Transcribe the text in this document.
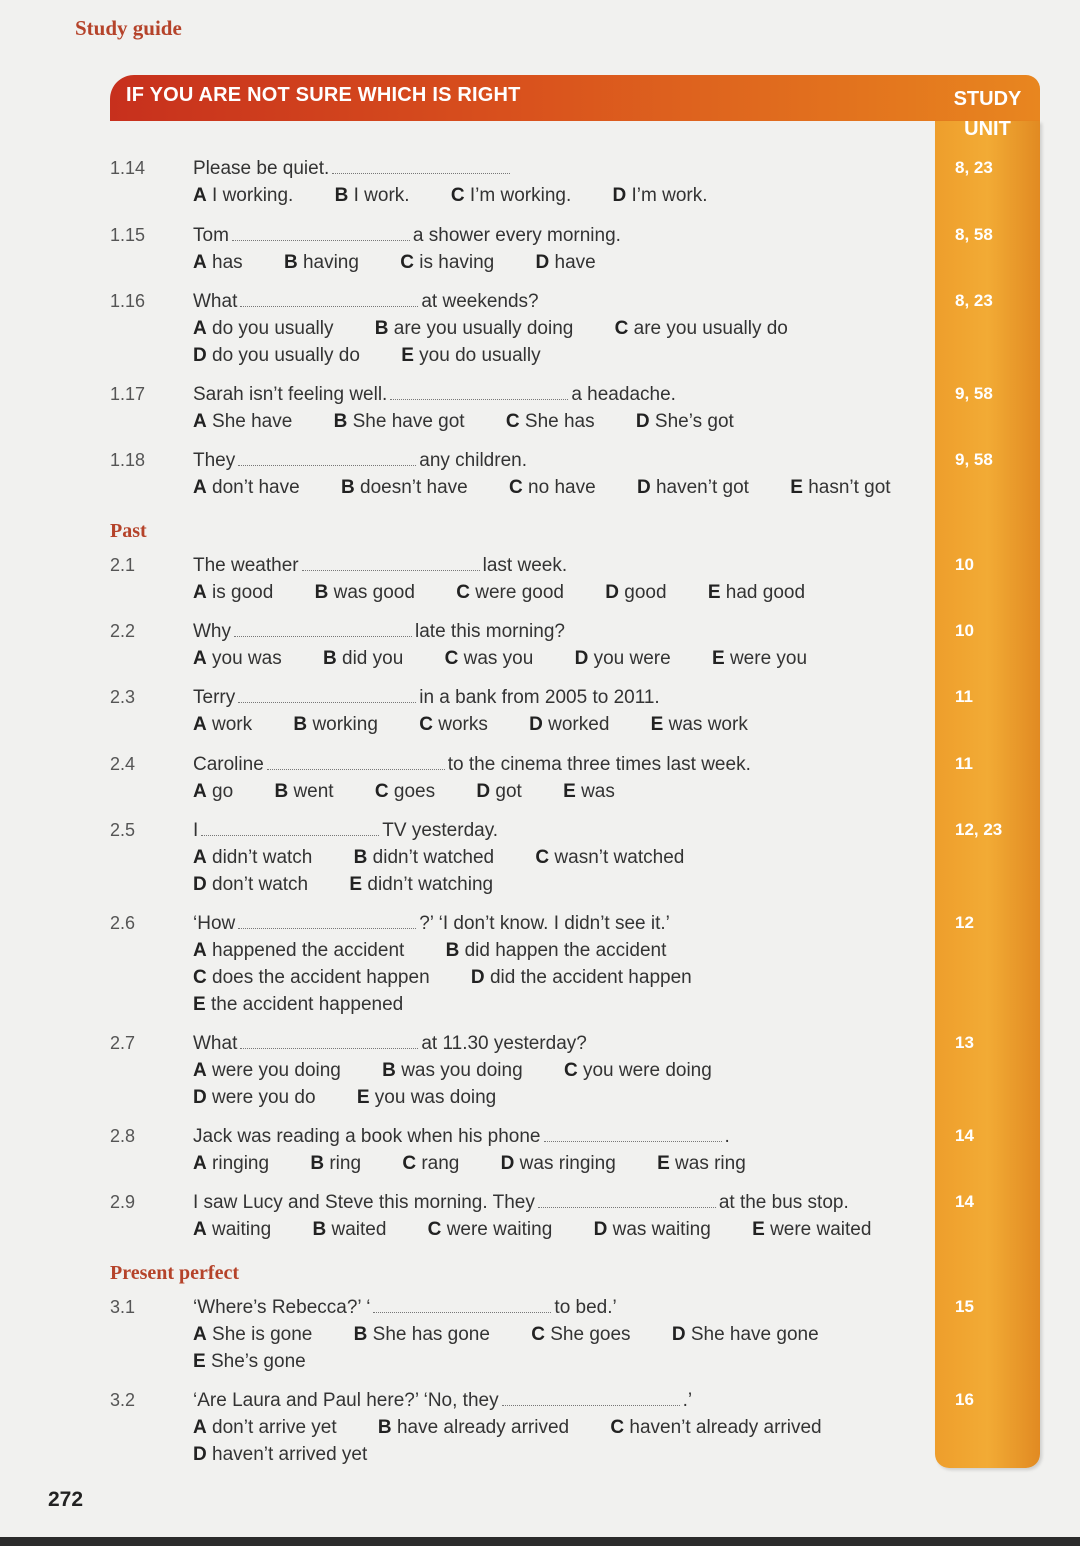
Study guide
IF YOU ARE NOT SURE WHICH IS RIGHT	STUDY
UNIT
1.14	Please be quiet.
A I working. B I work. C I’m working. D I’m work.
8, 23
1.15	Tom	a shower every morning.
A has B having C is having D have
8, 58
1.16	What	at weekends?
A do you usually B are you usually doing C are you usually do
D do you usually do E you do usually
8, 23
1.17	Sarah isn’t feeling well.	a headache.
A She have B She have got C She has D She’s got
9, 58
1.18	They	any children.
A don’t have B doesn’t have C no have D haven’t got E hasn’t got
9, 58
Past
2.1	The weather	last week.
A is good B was good C were good D good E had good
10
2.2	Why	late this morning?
A you was B did you C was you D you were E were you
10
2.3	Terry	in a bank from 2005 to 2011.
A work B working C works D worked E was work
11
2.4	Caroline	to the cinema three times last week.
A go B went C goes D got E was
11
2.5	I	TV yesterday.
A didn’t watch B didn’t watched C wasn’t watched
D don’t watch E didn’t watching
12, 23
2.6	‘How	?’ ‘I don’t know. I didn’t see it.’
A happened the accident B did happen the accident
C does the accident happen D did the accident happen
E the accident happened
12
2.7	What	at 11.30 yesterday?
A were you doing B was you doing C you were doing
D were you do E you was doing
13
2.8	Jack was reading a book when his phone	.
A ringing B ring C rang D was ringing E was ring
14
2.9	I saw Lucy and Steve this morning. They	at the bus stop.
A waiting B waited C were waiting D was waiting E were waited
14
Present perfect
3.1	‘Where’s Rebecca?’ ‘	to bed.’
A She is gone B She has gone C She goes D She have gone
E She’s gone
15
3.2	‘Are Laura and Paul here?’ ‘No, they	.’
A don’t arrive yet B have already arrived C haven’t already arrived
D haven’t arrived yet
16
272
